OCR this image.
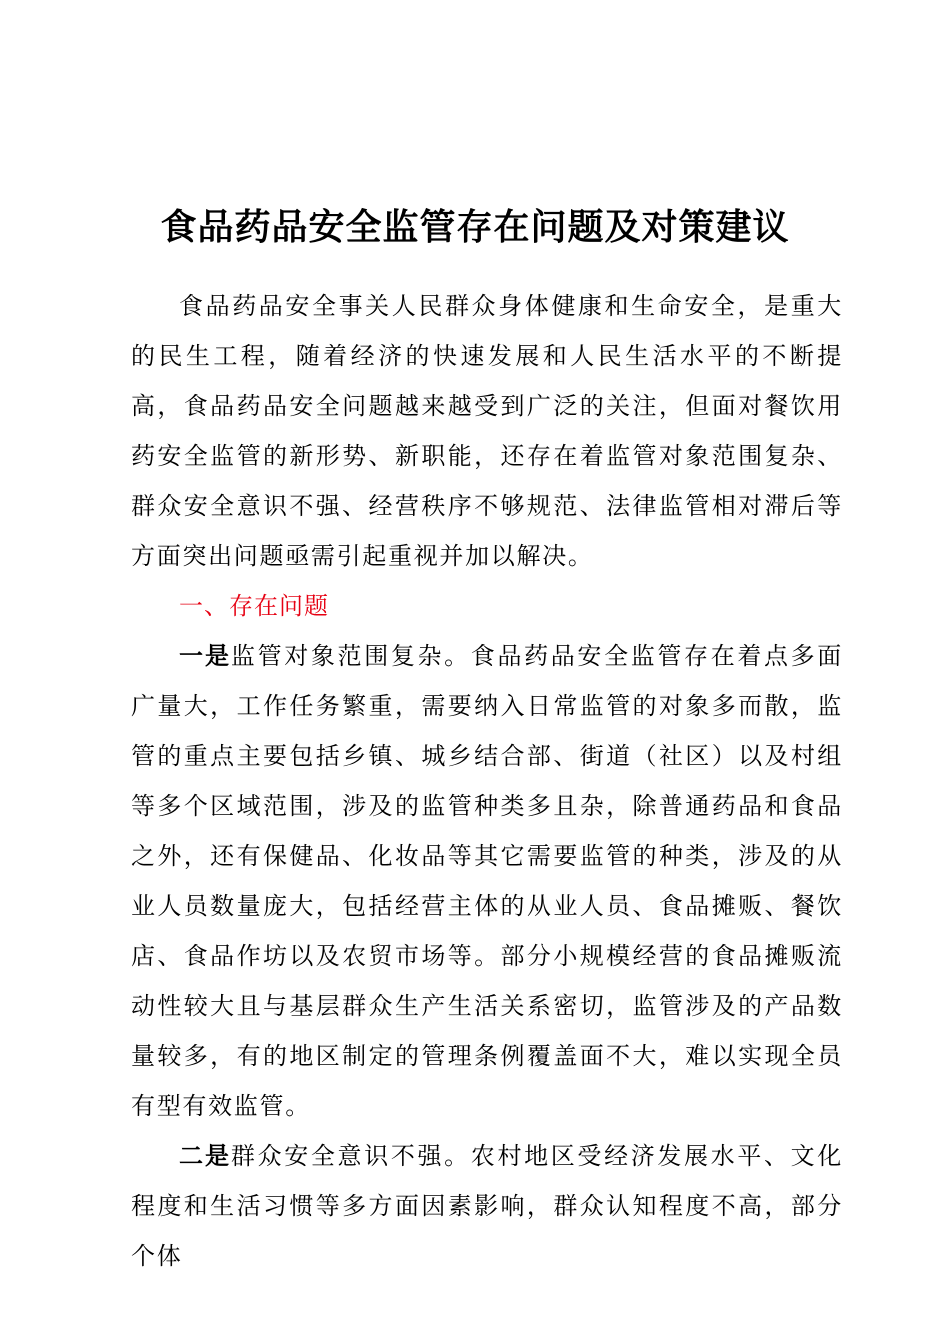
食品药品安全监管存在问题及对策建议

食品药品安全事关人民群众身体健康和生命安全，是重大的民生工程，随着经济的快速发展和人民生活水平的不断提高，食品药品安全问题越来越受到广泛的关注，但面对餐饮用药安全监管的新形势、新职能，还存在着监管对象范围复杂、群众安全意识不强、经营秩序不够规范、法律监管相对滞后等方面突出问题亟需引起重视并加以解决。

一、存在问题

一是监管对象范围复杂。食品药品安全监管存在着点多面广量大，工作任务繁重，需要纳入日常监管的对象多而散，监管的重点主要包括乡镇、城乡结合部、街道（社区）以及村组等多个区域范围，涉及的监管种类多且杂，除普通药品和食品之外，还有保健品、化妆品等其它需要监管的种类，涉及的从业人员数量庞大，包括经营主体的从业人员、食品摊贩、餐饮店、食品作坊以及农贸市场等。部分小规模经营的食品摊贩流动性较大且与基层群众生产生活关系密切，监管涉及的产品数量较多，有的地区制定的管理条例覆盖面不大，难以实现全员有型有效监管。

二是群众安全意识不强。农村地区受经济发展水平、文化程度和生活习惯等多方面因素影响，群众认知程度不高，部分个体
